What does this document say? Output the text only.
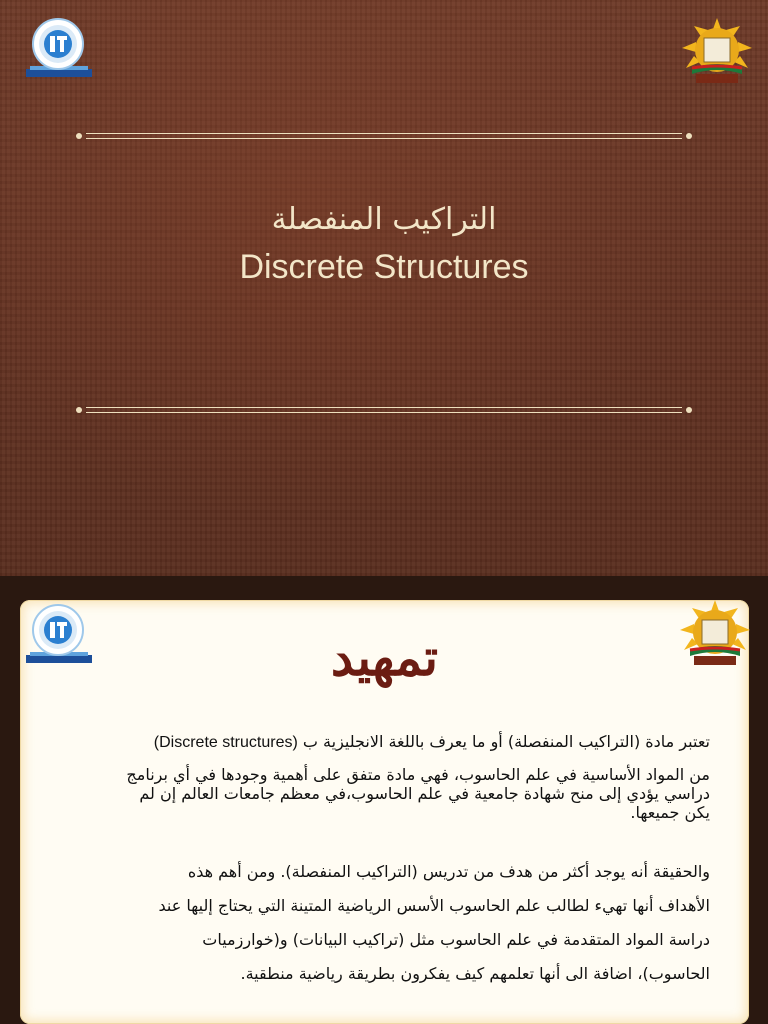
التراكيب المنفصلة
Discrete Structures
تمهيد
تعتبر مادة (التراكيب المنفصلة) أو ما يعرف باللغة الانجليزية ب (Discrete structures)
من المواد الأساسية في علم الحاسوب، فهي مادة متفق على أهمية وجودها في أي برنامج دراسي يؤدي إلى منح شهادة جامعية في علم الحاسوب،في معظم جامعات العالم إن لم يكن جميعها.
والحقيقة أنه يوجد أكثر من هدف من تدريس (التراكيب المنفصلة). ومن أهم هذه الأهداف أنها تهيء لطالب علم الحاسوب الأسس الرياضية المتينة التي يحتاج إليها عند دراسة المواد المتقدمة في علم الحاسوب مثل (تراكيب البيانات) و(خوارزميات الحاسوب)، اضافة الى أنها تعلمهم كيف يفكرون بطريقة رياضية منطقية.
